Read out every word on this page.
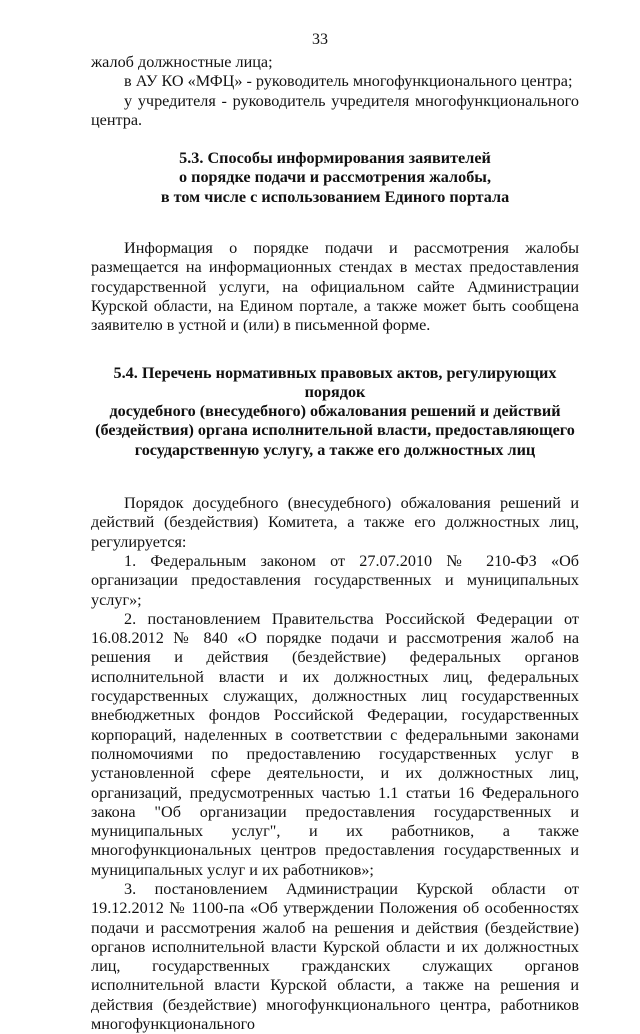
33

жалоб должностные лица;

в АУ КО «МФЦ» - руководитель многофункционального центра;

у учредителя - руководитель учредителя многофункционального центра.

5.3. Способы информирования заявителей
о порядке подачи и рассмотрения жалобы,
в том числе с использованием Единого портала

Информация о порядке подачи и рассмотрения жалобы размещается на информационных стендах в местах предоставления государственной услуги, на официальном сайте Администрации Курской области, на Едином портале, а также может быть сообщена заявителю в устной и (или) в письменной форме.

5.4. Перечень нормативных правовых актов, регулирующих порядок
досудебного (внесудебного) обжалования решений и действий
(бездействия) органа исполнительной власти, предоставляющего
государственную услугу, а также его должностных лиц

Порядок досудебного (внесудебного) обжалования решений и действий (бездействия) Комитета, а также его должностных лиц, регулируется:

1. Федеральным законом от 27.07.2010 № 210-ФЗ «Об организации предоставления государственных и муниципальных услуг»;

2. постановлением Правительства Российской Федерации от 16.08.2012 № 840 «О порядке подачи и рассмотрения жалоб на решения и действия (бездействие) федеральных органов исполнительной власти и их должностных лиц, федеральных государственных служащих, должностных лиц государственных внебюджетных фондов Российской Федерации, государственных корпораций, наделенных в соответствии с федеральными законами полномочиями по предоставлению государственных услуг в установленной сфере деятельности, и их должностных лиц, организаций, предусмотренных частью 1.1 статьи 16 Федерального закона "Об организации предоставления государственных и муниципальных услуг", и их работников, а также многофункциональных центров предоставления государственных и муниципальных услуг и их работников»;

3. постановлением Администрации Курской области от 19.12.2012 № 1100-па «Об утверждении Положения об особенностях подачи и рассмотрения жалоб на решения и действия (бездействие) органов исполнительной власти Курской области и их должностных лиц, государственных гражданских служащих органов исполнительной власти Курской области, а также на решения и действия (бездействие) многофункционального центра, работников многофункционального
